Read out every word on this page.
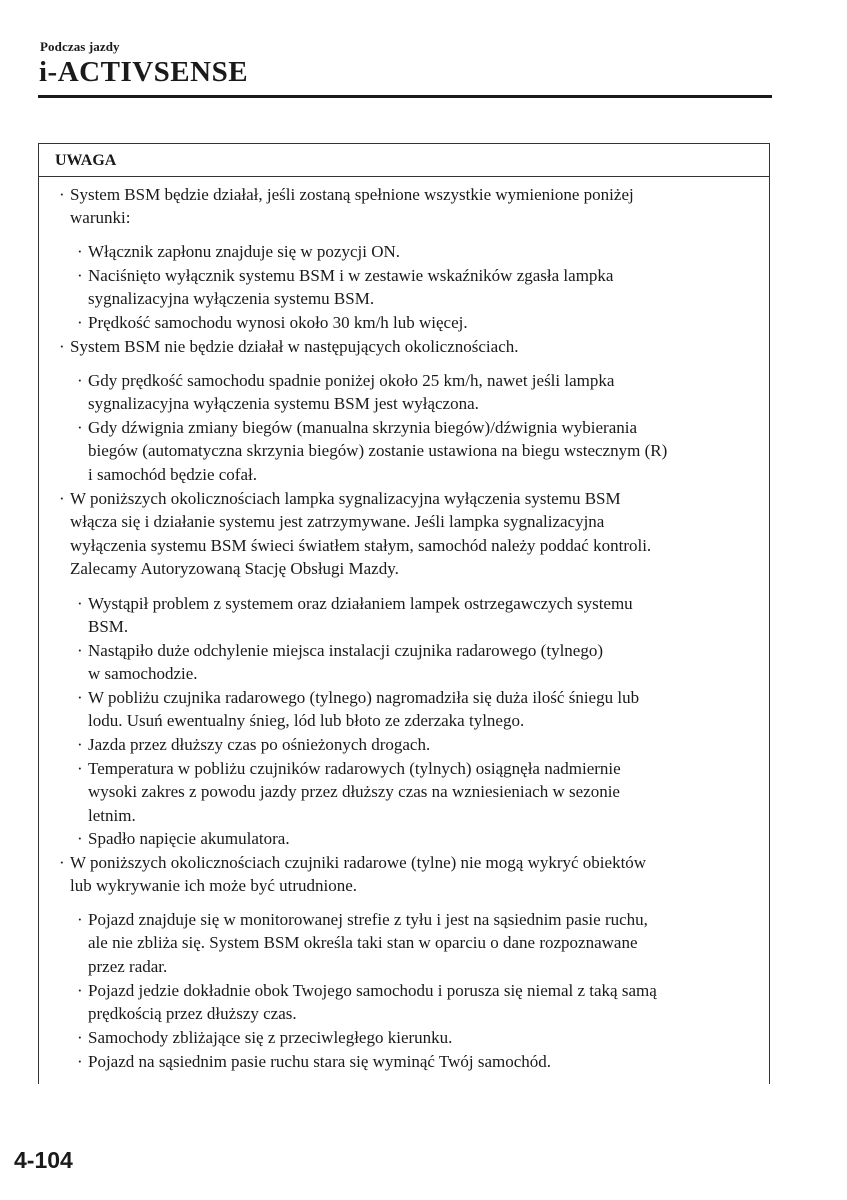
Podczas jazdy
i-ACTIVSENSE
UWAGA
· System BSM będzie działał, jeśli zostaną spełnione wszystkie wymienione poniżej
warunki:
· Włącznik zapłonu znajduje się w pozycji ON.
· Naciśnięto wyłącznik systemu BSM i w zestawie wskaźników zgasła lampka
sygnalizacyjna wyłączenia systemu BSM.
· Prędkość samochodu wynosi około 30 km/h lub więcej.
· System BSM nie będzie działał w następujących okolicznościach.
· Gdy prędkość samochodu spadnie poniżej około 25 km/h, nawet jeśli lampka
sygnalizacyjna wyłączenia systemu BSM jest wyłączona.
· Gdy dźwignia zmiany biegów (manualna skrzynia biegów)/dźwignia wybierania
biegów (automatyczna skrzynia biegów) zostanie ustawiona na biegu wstecznym (R)
i samochód będzie cofał.
· W poniższych okolicznościach lampka sygnalizacyjna wyłączenia systemu BSM
włącza się i działanie systemu jest zatrzymywane. Jeśli lampka sygnalizacyjna
wyłączenia systemu BSM świeci światłem stałym, samochód należy poddać kontroli.
Zalecamy Autoryzowaną Stację Obsługi Mazdy.
· Wystąpił problem z systemem oraz działaniem lampek ostrzegawczych systemu
BSM.
· Nastąpiło duże odchylenie miejsca instalacji czujnika radarowego (tylnego)
w samochodzie.
· W pobliżu czujnika radarowego (tylnego) nagromadziła się duża ilość śniegu lub
lodu. Usuń ewentualny śnieg, lód lub błoto ze zderzaka tylnego.
· Jazda przez dłuższy czas po ośnieżonych drogach.
· Temperatura w pobliżu czujników radarowych (tylnych) osiągnęła nadmiernie
wysoki zakres z powodu jazdy przez dłuższy czas na wzniesieniach w sezonie
letnim.
· Spadło napięcie akumulatora.
· W poniższych okolicznościach czujniki radarowe (tylne) nie mogą wykryć obiektów
lub wykrywanie ich może być utrudnione.
· Pojazd znajduje się w monitorowanej strefie z tyłu i jest na sąsiednim pasie ruchu,
ale nie zbliża się. System BSM określa taki stan w oparciu o dane rozpoznawane
przez radar.
· Pojazd jedzie dokładnie obok Twojego samochodu i porusza się niemal z taką samą
prędkością przez dłuższy czas.
· Samochody zbliżające się z przeciwległego kierunku.
· Pojazd na sąsiednim pasie ruchu stara się wyminąć Twój samochód.
4-104
